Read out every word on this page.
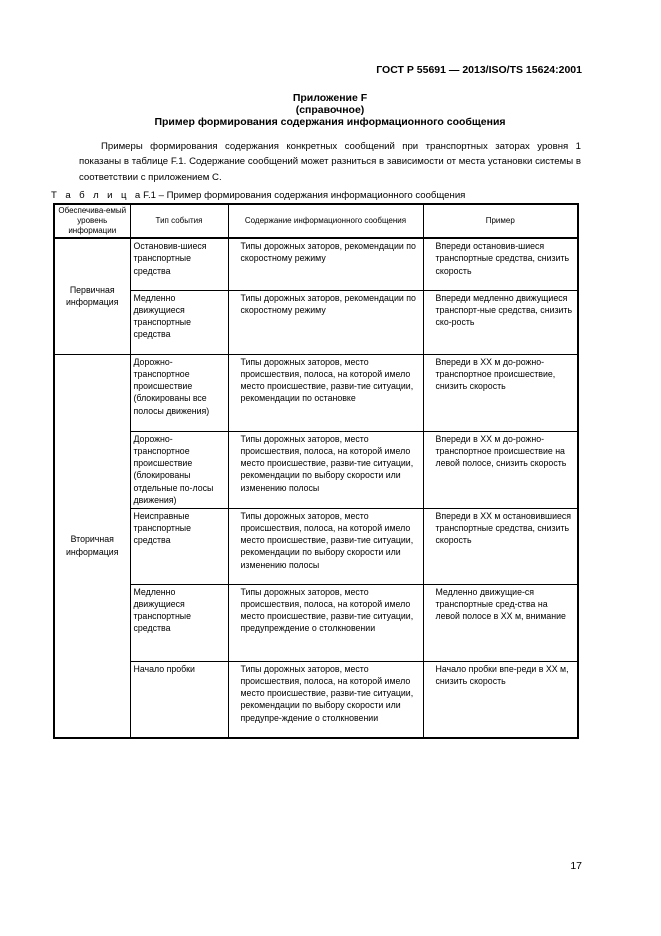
ГОСТ Р 55691 — 2013/ISO/TS 15624:2001
Приложение F
(справочное)
Пример формирования содержания информационного сообщения

Примеры формирования содержания конкретных сообщений при транспортных заторах уровня 1 показаны в таблице F.1. Содержание сообщений может разниться в зависимости от места установки системы в соответствии с приложением С.

Т а б л и ц аF.1 – Пример формирования содержания информационного сообщения
Обеспечива-емый уровень информации	Тип события	Содержание информационного сообщения	Пример
Первичная информация	Остановив-шиеся транспортные средства	Типы дорожных заторов, рекомендации по скоростному режиму	Впереди остановив-шиеся транспортные средства, снизить скорость
	Медленно движущиеся транспортные средства	Типы дорожных заторов, рекомендации по скоростному режиму	Впереди медленно движущиеся транспорт-ные средства, снизить ско-рость
Вторичная информация	Дорожно-транспортное происшествие (блокированы все полосы движения)	Типы дорожных заторов, место происшествия, полоса, на которой имело место происшествие, разви-тие ситуации, рекомендации по остановке	Впереди в ХХ м до-рожно-транспортное происшествие, снизить скорость
	Дорожно-транспортное происшествие (блокированы отдельные по-лосы движения)	Типы дорожных заторов, место происшествия, полоса, на которой имело место происшествие, разви-тие ситуации, рекомендации по выбору скорости или изменению полосы	Впереди в ХХ м до-рожно-транспортное происшествие на левой полосе, снизить скорость
	Неисправные транспортные средства	Типы дорожных заторов, место происшествия, полоса, на которой имело место происшествие, разви-тие ситуации, рекомендации по выбору скорости или изменению полосы	Впереди в ХХ м остановившиеся транспортные средства, снизить скорость
	Медленно движущиеся транспортные средства	Типы дорожных заторов, место происшествия, полоса, на которой имело место происшествие, разви-тие ситуации, предупреждение о столкновении	Медленно движущие-ся транспортные сред-ства на левой полосе в ХХ м, внимание
	Начало пробки	Типы дорожных заторов, место происшествия, полоса, на которой имело место происшествие, разви-тие ситуации, рекомендации по выбору скорости или предупре-ждение о столкновении	Начало пробки впе-реди в ХХ м, снизить скорость
17
